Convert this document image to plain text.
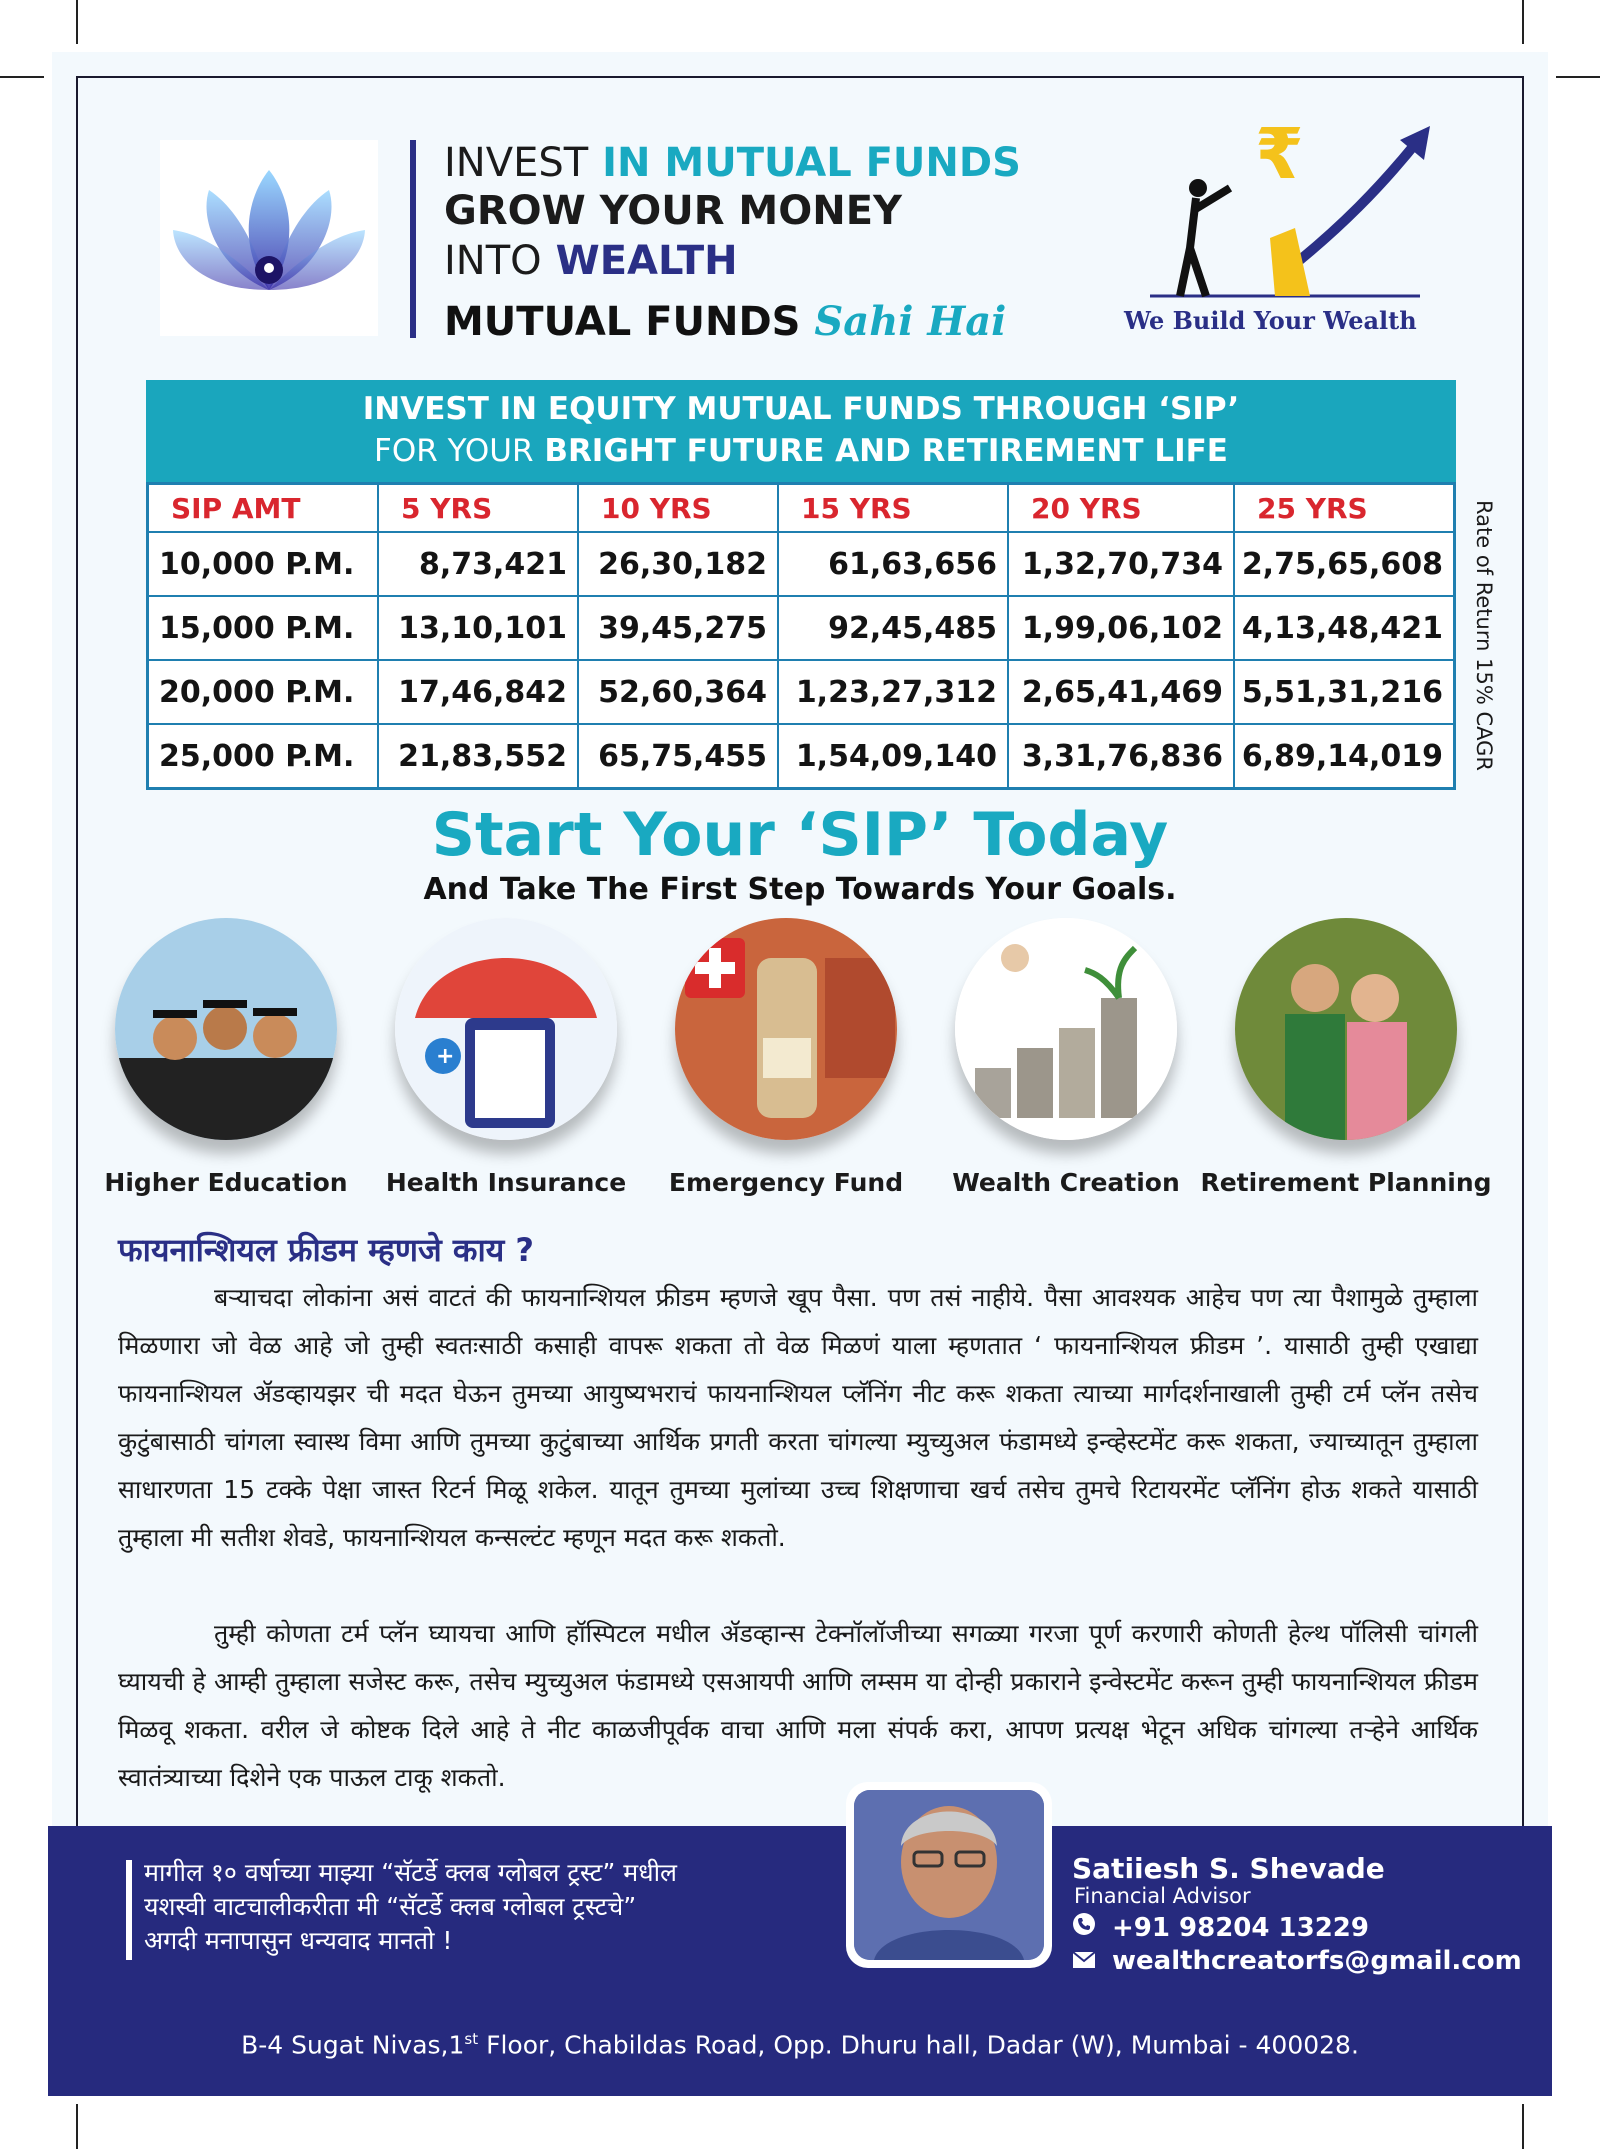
INVEST IN MUTUAL FUNDS
GROW YOUR MONEY
INTO WEALTH
MUTUAL FUNDS Sahi Hai
₹
We Build Your Wealth
INVEST IN EQUITY MUTUAL FUNDS THROUGH ‘SIP’
FOR YOUR BRIGHT FUTURE AND RETIREMENT LIFE
SIP AMT	5 YRS	10 YRS	15 YRS	20 YRS	25 YRS
10,000 P.M.	8,73,421	26,30,182	61,63,656 1,32,70,734 2,75,65,608
15,000 P.M.	13,10,101	39,45,275	92,45,485 1,99,06,102 4,13,48,421
20,000 P.M.	17,46,842	52,60,364 1,23,27,312 2,65,41,469 5,51,31,216
25,000 P.M.	21,83,552	65,75,455 1,54,09,140 3,31,76,836 6,89,14,019	Rate of Return 15% CAGR
Start Your ‘SIP’ Today
And Take The First Step Towards Your Goals.
Higher Education
+
Health Insurance	Emergency Fund	Wealth Creation Retirement Planning
फायनान्शियल फ्रीडम म्हणजे काय ?
बऱ्याचदा लोकांना असं वाटतं की फायनान्शियल फ्रीडम म्हणजे खूप पैसा. पण तसं नाहीये. पैसा आवश्यक आहेच पण त्या पैशामुळे तुम्हाला मिळणारा जो वेळ आहे जो तुम्ही स्वतःसाठी कसाही वापरू शकता तो वेळ मिळणं याला म्हणतात ‘ फायनान्शियल फ्रीडम ’. यासाठी तुम्ही एखाद्या फायनान्शियल ॲडव्हायझर ची मदत घेऊन तुमच्या आयुष्यभराचं फायनान्शियल प्लॅनिंग नीट करू शकता त्याच्या मार्गदर्शनाखाली तुम्ही टर्म प्लॅन तसेच कुटुंबासाठी चांगला स्वास्थ विमा आणि तुमच्या कुटुंबाच्या आर्थिक प्रगती करता चांगल्या म्युच्युअल फंडामध्ये इन्व्हेस्टमेंट करू शकता, ज्याच्यातून तुम्हाला साधारणता 15 टक्के पेक्षा जास्त रिटर्न मिळू शकेल. यातून तुमच्या मुलांच्या उच्च शिक्षणाचा खर्च तसेच तुमचे रिटायरमेंट प्लॅनिंग होऊ शकते यासाठी तुम्हाला मी सतीश शेवडे, फायनान्शियल कन्सल्टंट म्हणून मदत करू शकतो.
तुम्ही कोणता टर्म प्लॅन घ्यायचा आणि हॉस्पिटल मधील ॲडव्हान्स टेक्नॉलॉजीच्या सगळ्या गरजा पूर्ण करणारी कोणती हेल्थ पॉलिसी चांगली घ्यायची हे आम्ही तुम्हाला सजेस्ट करू, तसेच म्युच्युअल फंडामध्ये एसआयपी आणि लम्सम या दोन्ही प्रकाराने इन्वेस्टमेंट करून तुम्ही फायनान्शियल फ्रीडम मिळवू शकता. वरील जे कोष्टक दिले आहे ते नीट काळजीपूर्वक वाचा आणि मला संपर्क करा, आपण प्रत्यक्ष भेटून अधिक चांगल्या तऱ्हेने आर्थिक स्वातंत्र्याच्या दिशेने एक पाऊल टाकू शकतो.
मागील १० वर्षाच्या माझ्या “सॅटर्डे क्लब ग्लोबल ट्रस्ट” मधील
यशस्वी वाटचालीकरीता मी “सॅटर्डे क्लब ग्लोबल ट्रस्टचे”
अगदी मनापासुन धन्यवाद मानतो !
Satiiesh S. Shevade
Financial Advisor
+91 98204 13229
wealthcreatorfs@gmail.com
B-4 Sugat Nivas,1st Floor, Chabildas Road, Opp. Dhuru hall, Dadar (W), Mumbai - 400028.
